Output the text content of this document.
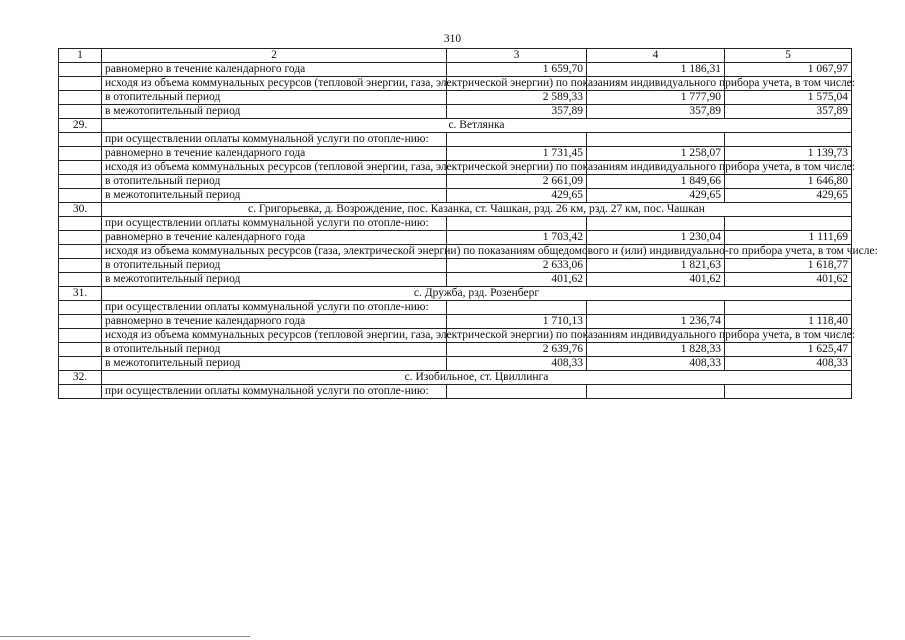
310
1	2	3	4	5
	равномерно в течение календарного года	1 659,70	1 186,31	1 067,97
	исходя из объема коммунальных ресурсов (тепловой энергии, газа, электрической энергии) по показаниям индивидуального прибора учета, в том числе:			
	в отопительный период	2 589,33	1 777,90	1 575,04
	в межотопительный период	357,89	357,89	357,89
29.	с. Ветлянка			
	при осуществлении оплаты коммунальной услуги по отопле-нию:			
	равномерно в течение календарного года	1 731,45	1 258,07	1 139,73
	исходя из объема коммунальных ресурсов (тепловой энергии, газа, электрической энергии) по показаниям индивидуального прибора учета, в том числе:			
	в отопительный период	2 661,09	1 849,66	1 646,80
	в межотопительный период	429,65	429,65	429,65
30.	с. Григорьевка, д. Возрождение, пос. Казанка, ст. Чашкан, рзд. 26 км, рзд. 27 км, пос. Чашкан			
	при осуществлении оплаты коммунальной услуги по отопле-нию:			
	равномерно в течение календарного года	1 703,42	1 230,04	1 111,69
	исходя из объема коммунальных ресурсов (газа, электрической энергии) по показаниям общедомового и (или) индивидуально-го прибора учета, в том числе:			
	в отопительный период	2 633,06	1 821,63	1 618,77
	в межотопительный период	401,62	401,62	401,62
31.	с. Дружба, рзд. Розенберг			
	при осуществлении оплаты коммунальной услуги по отопле-нию:			
	равномерно в течение календарного года	1 710,13	1 236,74	1 118,40
	исходя из объема коммунальных ресурсов (тепловой энергии, газа, электрической энергии) по показаниям индивидуального прибора учета, в том числе:			
	в отопительный период	2 639,76	1 828,33	1 625,47
	в межотопительный период	408,33	408,33	408,33
32.	с. Изобильное, ст. Цвиллинга			
	при осуществлении оплаты коммунальной услуги по отопле-нию:			
